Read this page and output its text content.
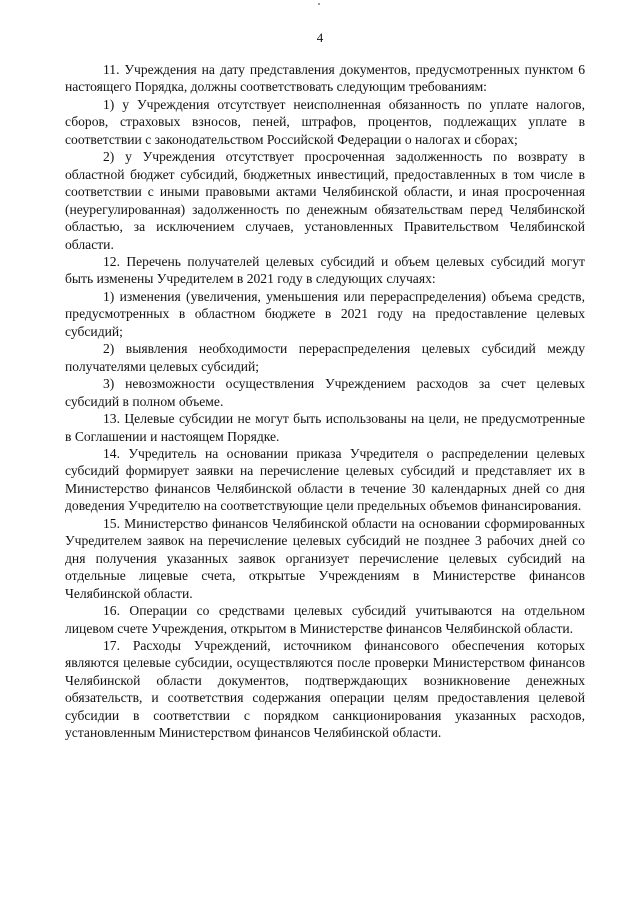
4

11. Учреждения на дату представления документов, предусмотренных пунктом 6 настоящего Порядка, должны соответствовать следующим требованиям:

1) у Учреждения отсутствует неисполненная обязанность по уплате налогов, сборов, страховых взносов, пеней, штрафов, процентов, подлежащих уплате в соответствии с законодательством Российской Федерации о налогах и сборах;

2) у Учреждения отсутствует просроченная задолженность по возврату в областной бюджет субсидий, бюджетных инвестиций, предоставленных в том числе в соответствии с иными правовыми актами Челябинской области, и иная просроченная (неурегулированная) задолженность по денежным обязательствам перед Челябинской областью, за исключением случаев, установленных Правительством Челябинской области.

12. Перечень получателей целевых субсидий и объем целевых субсидий могут быть изменены Учредителем в 2021 году в следующих случаях:

1) изменения (увеличения, уменьшения или перераспределения) объема средств, предусмотренных в областном бюджете в 2021 году на предоставление целевых субсидий;

2) выявления необходимости перераспределения целевых субсидий между получателями целевых субсидий;

3) невозможности осуществления Учреждением расходов за счет целевых субсидий в полном объеме.

13. Целевые субсидии не могут быть использованы на цели, не предусмотренные в Соглашении и настоящем Порядке.

14. Учредитель на основании приказа Учредителя о распределении целевых субсидий формирует заявки на перечисление целевых субсидий и представляет их в Министерство финансов Челябинской области в течение 30 календарных дней со дня доведения Учредителю на соответствующие цели предельных объемов финансирования.

15. Министерство финансов Челябинской области на основании сформированных Учредителем заявок на перечисление целевых субсидий не позднее 3 рабочих дней со дня получения указанных заявок организует перечисление целевых субсидий на отдельные лицевые счета, открытые Учреждениям в Министерстве финансов Челябинской области.

16. Операции со средствами целевых субсидий учитываются на отдельном лицевом счете Учреждения, открытом в Министерстве финансов Челябинской области.

17. Расходы Учреждений, источником финансового обеспечения которых являются целевые субсидии, осуществляются после проверки Министерством финансов Челябинской области документов, подтверждающих возникновение денежных обязательств, и соответствия содержания операции целям предоставления целевой субсидии в соответствии с порядком санкционирования указанных расходов, установленным Министерством финансов Челябинской области.
